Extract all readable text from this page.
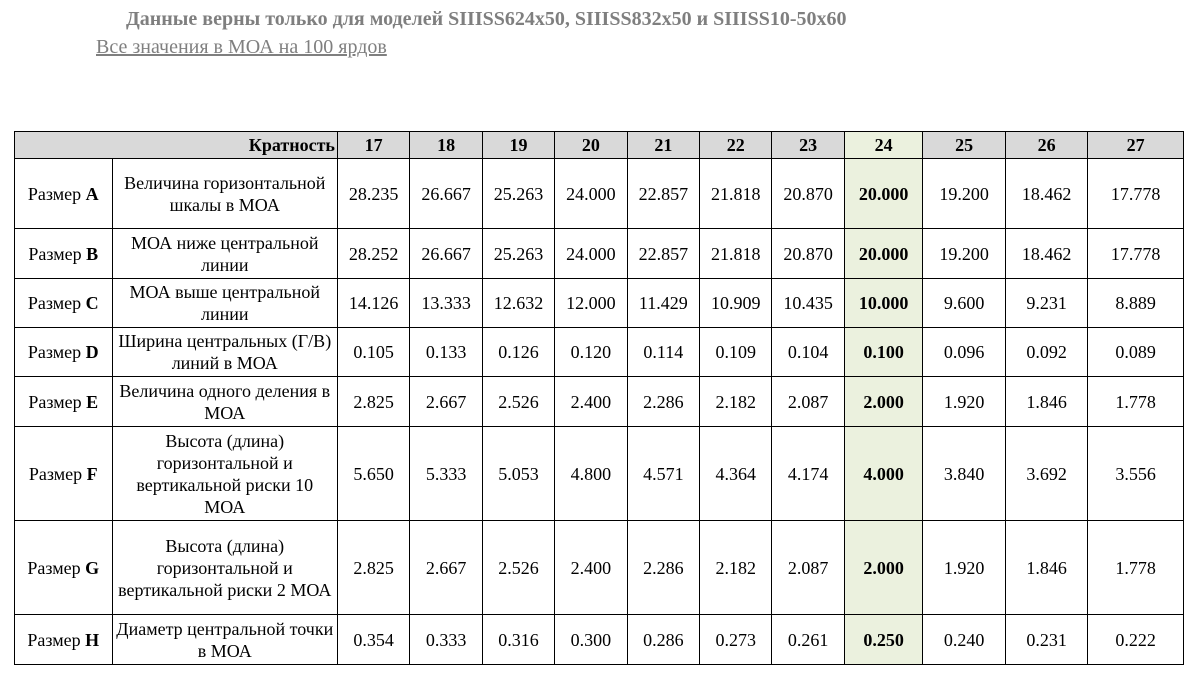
Данные верны только для моделей SIIISS624x50, SIIISS832x50 и SIIISS10-50x60
Все значения в МОА на 100 ярдов
Кратность		17	18	19	20	21	22	23	24	25	26	27
Размер A	Величина горизонтальной шкалы в МОА	28.235	26.667	25.263	24.000	22.857	21.818	20.870	20.000	19.200	18.462	17.778
Размер B	МОА ниже центральной линии	28.252	26.667	25.263	24.000	22.857	21.818	20.870	20.000	19.200	18.462	17.778
Размер C	МОА выше центральной линии	14.126	13.333	12.632	12.000	11.429	10.909	10.435	10.000	9.600	9.231	8.889
Размер D	Ширина центральных (Г/В) линий в МОА	0.105	0.133	0.126	0.120	0.114	0.109	0.104	0.100	0.096	0.092	0.089
Размер E	Величина одного деления в МОА	2.825	2.667	2.526	2.400	2.286	2.182	2.087	2.000	1.920	1.846	1.778
Размер F	Высота (длина) горизонтальной и вертикальной риски 10 МОА	5.650	5.333	5.053	4.800	4.571	4.364	4.174	4.000	3.840	3.692	3.556
Размер G	Высота (длина) горизонтальной и вертикальной риски 2 МОА	2.825	2.667	2.526	2.400	2.286	2.182	2.087	2.000	1.920	1.846	1.778
Размер H	Диаметр центральной точки в МОА	0.354	0.333	0.316	0.300	0.286	0.273	0.261	0.250	0.240	0.231	0.222
